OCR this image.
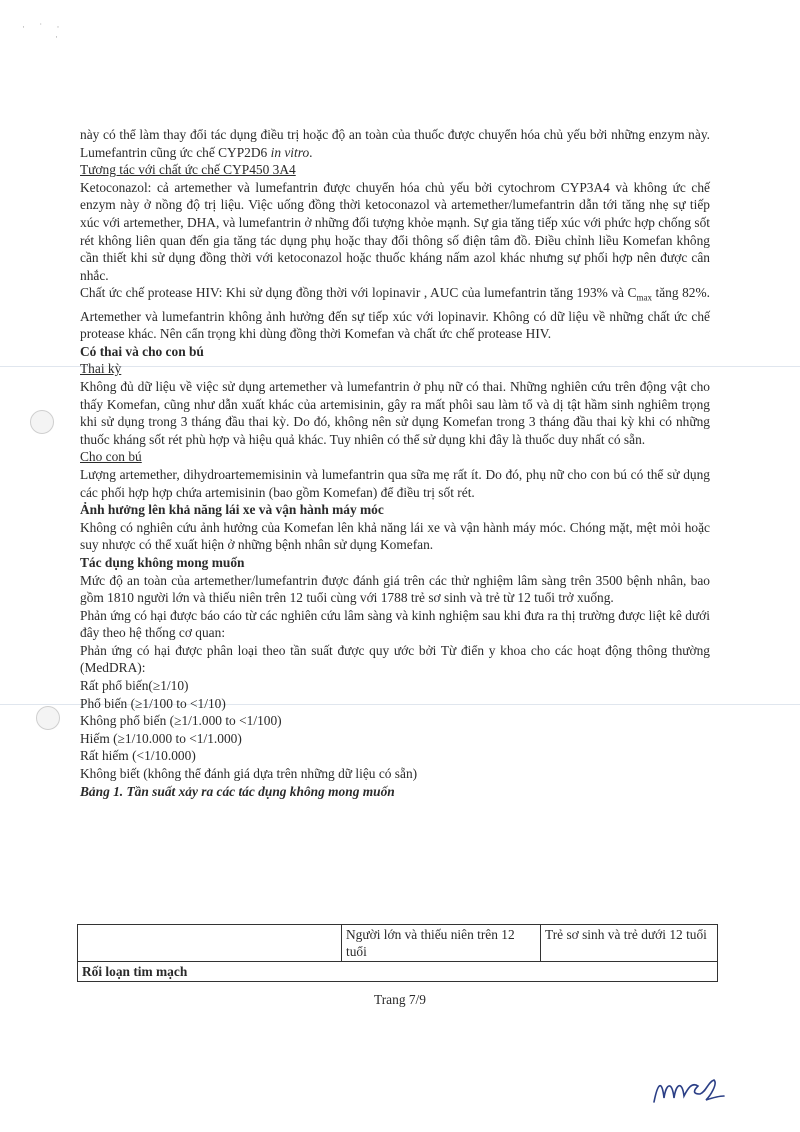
· ˙ ·
·

này có thể làm thay đổi tác dụng điều trị hoặc độ an toàn của thuốc được chuyển hóa chủ yếu bởi những enzym này. Lumefantrin cũng ức chế CYP2D6 in vitro.

Tương tác với chất ức chế CYP450 3A4

Ketoconazol: cả artemether và lumefantrin được chuyển hóa chủ yếu bởi cytochrom CYP3A4 và không ức chế enzym này ở nồng độ trị liệu. Việc uống đồng thời ketoconazol và artemether/lumefantrin dẫn tới tăng nhẹ sự tiếp xúc với artemether, DHA, và lumefantrin ở những đối tượng khỏe mạnh. Sự gia tăng tiếp xúc với phức hợp chống sốt rét không liên quan đến gia tăng tác dụng phụ hoặc thay đổi thông số điện tâm đồ. Điều chỉnh liều Komefan không cần thiết khi sử dụng đồng thời với ketoconazol hoặc thuốc kháng nấm azol khác nhưng sự phối hợp nên được cân nhắc.

Chất ức chế protease HIV: Khi sử dụng đồng thời với lopinavir , AUC của lumefantrin tăng 193% và $C_{max}$ tăng 82%. Artemether và lumefantrin không ảnh hưởng đến sự tiếp xúc với lopinavir. Không có dữ liệu về những chất ức chế protease khác. Nên cẩn trọng khi dùng đồng thời Komefan và chất ức chế protease HIV.

Có thai và cho con bú

Thai kỳ

Không đủ dữ liệu về việc sử dụng artemether và lumefantrin ở phụ nữ có thai. Những nghiên cứu trên động vật cho thấy Komefan, cũng như dẫn xuất khác của artemisinin, gây ra mất phôi sau làm tổ và dị tật hầm sinh nghiêm trọng khi sử dụng trong 3 tháng đầu thai kỳ. Do đó, không nên sử dụng Komefan trong 3 tháng đầu thai kỳ khi có những thuốc kháng sốt rét phù hợp và hiệu quả khác. Tuy nhiên có thể sử dụng khi đây là thuốc duy nhất có sẵn.

Cho con bú

Lượng artemether, dihydroartememisinin và lumefantrin qua sữa mẹ rất ít. Do đó, phụ nữ cho con bú có thể sử dụng các phối hợp hợp chứa artemisinin (bao gồm Komefan) để điều trị sốt rét.

Ảnh hưởng lên khả năng lái xe và vận hành máy móc

Không có nghiên cứu ảnh hưởng của Komefan lên khả năng lái xe và vận hành máy móc. Chóng mặt, mệt mỏi hoặc suy nhược có thể xuất hiện ở những bệnh nhân sử dụng Komefan.

Tác dụng không mong muốn

Mức độ an toàn của artemether/lumefantrin được đánh giá trên các thử nghiệm lâm sàng trên 3500 bệnh nhân, bao gồm 1810 người lớn và thiếu niên trên 12 tuổi cùng với 1788 trẻ sơ sinh và trẻ từ 12 tuổi trở xuống.

Phản ứng có hại được báo cáo từ các nghiên cứu lâm sàng và kinh nghiệm sau khi đưa ra thị trường được liệt kê dưới đây theo hệ thống cơ quan:

Phản ứng có hại được phân loại theo tần suất được quy ước bởi Từ điển y khoa cho các hoạt động thông thường (MedDRA):

Rất phổ biến(≥1/10)

Phổ biến (≥1/100 to <1/10)

Không phổ biến (≥1/1.000 to <1/100)

Hiếm (≥1/10.000 to <1/1.000)

Rất hiếm (<1/10.000)

Không biết (không thể đánh giá dựa trên những dữ liệu có sẵn)

Bảng 1. Tần suất xảy ra các tác dụng không mong muốn

	Người lớn và thiếu niên trên 12 tuổi	Trẻ sơ sinh và trẻ dưới 12 tuổi
Rối loạn tim mạch
Trang 7/9
